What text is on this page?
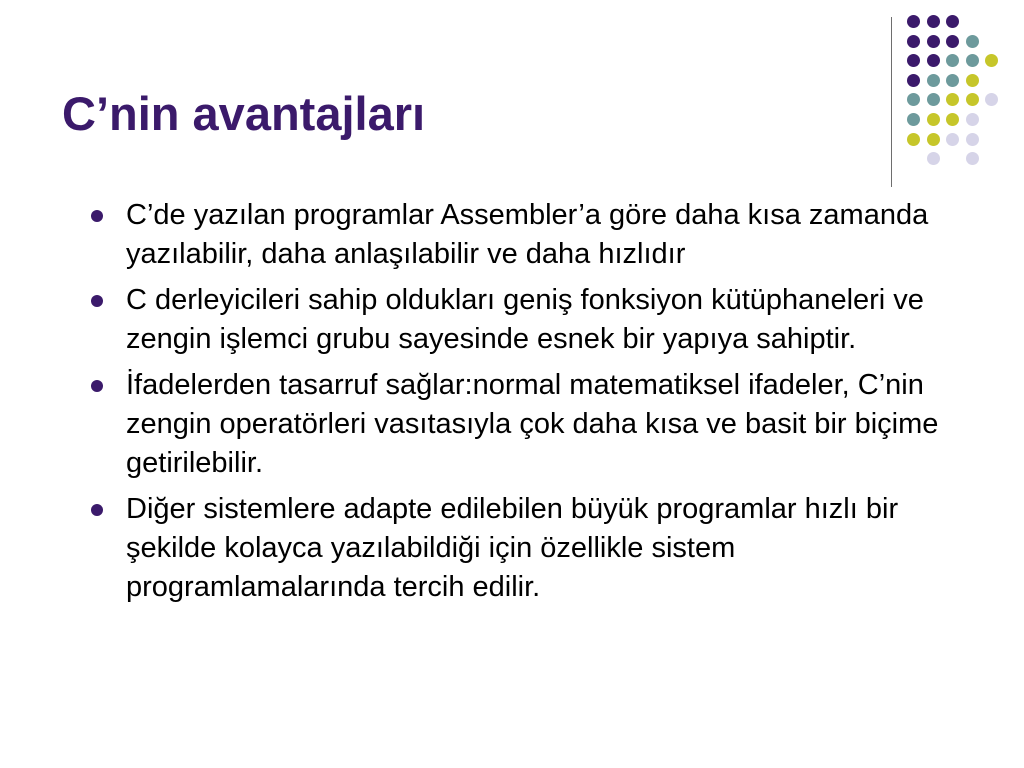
C’nin avantajları
C’de yazılan programlar Assembler’a göre daha kısa zamanda yazılabilir, daha anlaşılabilir ve daha hızlıdır
C derleyicileri sahip oldukları geniş fonksiyon kütüphaneleri ve zengin işlemci grubu sayesinde esnek bir yapıya sahiptir.
İfadelerden tasarruf sağlar:normal matematiksel ifadeler, C’nin zengin operatörleri vasıtasıyla çok daha kısa ve basit bir biçime getirilebilir.
Diğer sistemlere adapte edilebilen büyük programlar hızlı bir şekilde kolayca yazılabildiği için özellikle sistem programlamalarında tercih edilir.
